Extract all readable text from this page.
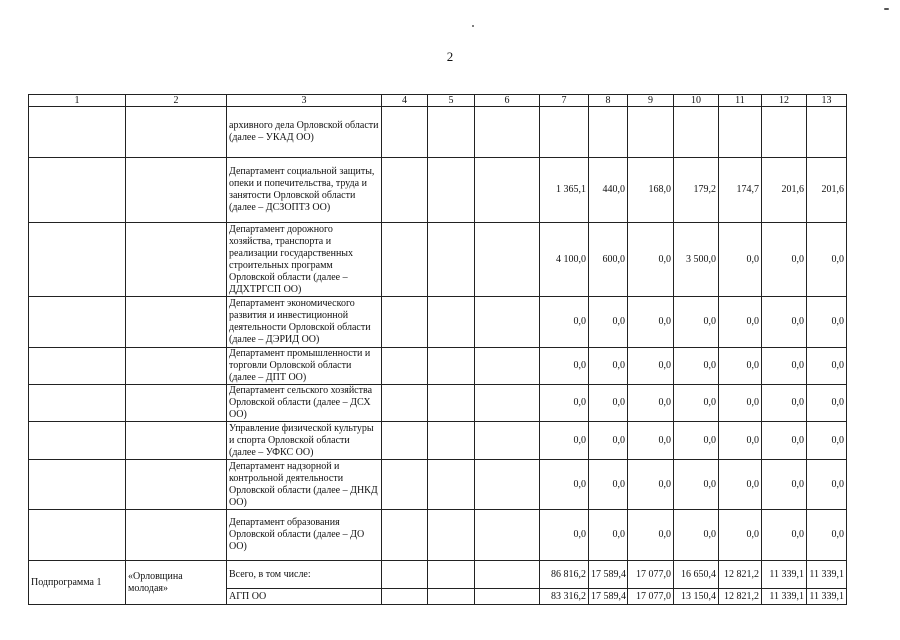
2
1	2	3	4	5	6	7	8	9	10	11	12	13
		архивного дела Орловской области (далее – УКАД ОО)										
		Департамент социальной защиты, опеки и попечительства, труда и занятости Орловской области (далее – ДСЗОПТЗ ОО)				1 365,1	440,0	168,0	179,2	174,7	201,6	201,6
		Департамент дорожного хозяйства, транспорта и реализации государственных строительных программ Орловской области (далее – ДДХТРГСП ОО)				4 100,0	600,0	0,0	3 500,0	0,0	0,0	0,0
		Департамент экономического развития и инвестиционной деятельности Орловской области (далее – ДЭРИД ОО)				0,0	0,0	0,0	0,0	0,0	0,0	0,0
		Департамент промышленности и торговли Орловской области (далее – ДПТ ОО)				0,0	0,0	0,0	0,0	0,0	0,0	0,0
		Департамент сельского хозяйства Орловской области (далее – ДСХ ОО)				0,0	0,0	0,0	0,0	0,0	0,0	0,0
		Управление физической культуры и спорта Орловской области (далее – УФКС ОО)				0,0	0,0	0,0	0,0	0,0	0,0	0,0
		Департамент надзорной и контрольной деятельности Орловской области (далее – ДНКД ОО)				0,0	0,0	0,0	0,0	0,0	0,0	0,0
		Департамент образования Орловской области (далее – ДО ОО)				0,0	0,0	0,0	0,0	0,0	0,0	0,0
Подпрограмма 1	«Орловщина молодая»	Всего, в том числе:				86 816,2	17 589,4	17 077,0	16 650,4	12 821,2	11 339,1	11 339,1
		АГП ОО				83 316,2	17 589,4	17 077,0	13 150,4	12 821,2	11 339,1	11 339,1
